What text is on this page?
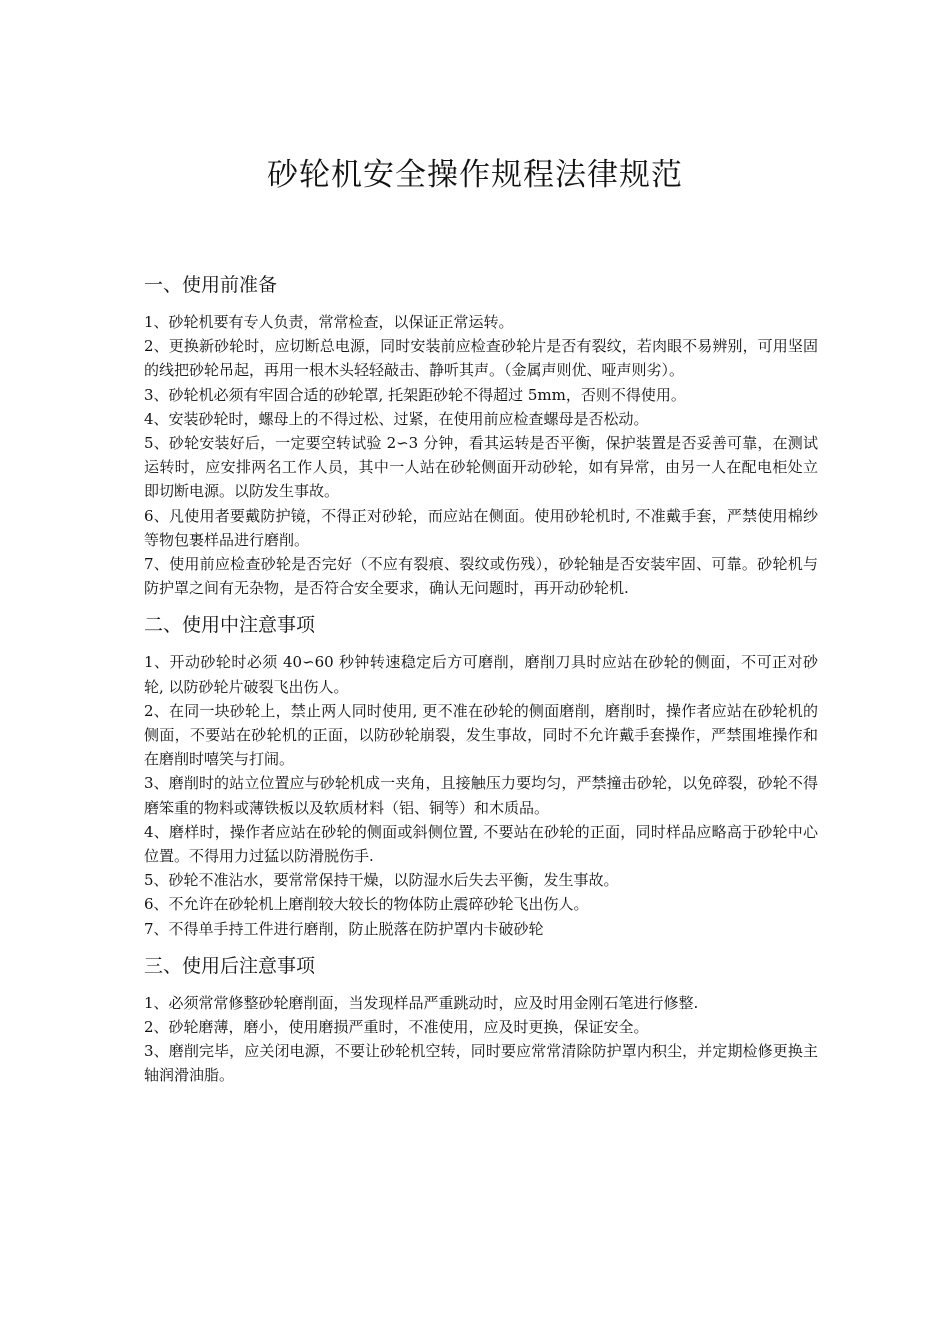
砂轮机安全操作规程法律规范
一、使用前准备

1、砂轮机要有专人负责，常常检查，以保证正常运转。

2、更换新砂轮时，应切断总电源，同时安装前应检查砂轮片是否有裂纹，若肉眼不易辨别，可用坚固的线把砂轮吊起，再用一根木头轻轻敲击、静听其声。（金属声则优、哑声则劣）。

3、砂轮机必须有牢固合适的砂轮罩, 托架距砂轮不得超过 5mm，否则不得使用。

4、安装砂轮时，螺母上的不得过松、过紧，在使用前应检查螺母是否松动。

5、砂轮安装好后，一定要空转试验 2∽3 分钟，看其运转是否平衡，保护装置是否妥善可靠，在测试运转时，应安排两名工作人员，其中一人站在砂轮侧面开动砂轮，如有异常，由另一人在配电柜处立即切断电源。以防发生事故。

6、凡使用者要戴防护镜，不得正对砂轮，而应站在侧面。使用砂轮机时, 不准戴手套，严禁使用棉纱等物包裹样品进行磨削。

7、使用前应检查砂轮是否完好（不应有裂痕、裂纹或伤残），砂轮轴是否安装牢固、可靠。砂轮机与防护罩之间有无杂物，是否符合安全要求，确认无问题时，再开动砂轮机.

二、使用中注意事项

1、开动砂轮时必须 40∽60 秒钟转速稳定后方可磨削，磨削刀具时应站在砂轮的侧面，不可正对砂轮, 以防砂轮片破裂飞出伤人。

2、在同一块砂轮上，禁止两人同时使用, 更不准在砂轮的侧面磨削，磨削时，操作者应站在砂轮机的侧面，不要站在砂轮机的正面，以防砂轮崩裂，发生事故，同时不允许戴手套操作，严禁围堆操作和在磨削时嘻笑与打闹。

3、磨削时的站立位置应与砂轮机成一夹角，且接触压力要均匀，严禁撞击砂轮，以免碎裂，砂轮不得磨笨重的物料或薄铁板以及软质材料（铝、铜等）和木质品。

4、磨样时，操作者应站在砂轮的侧面或斜侧位置, 不要站在砂轮的正面，同时样品应略高于砂轮中心位置。不得用力过猛以防滑脱伤手.

5、砂轮不准沾水，要常常保持干燥，以防湿水后失去平衡，发生事故。

6、不允许在砂轮机上磨削较大较长的物体防止震碎砂轮飞出伤人。

7、不得单手持工件进行磨削，防止脱落在防护罩内卡破砂轮

三、使用后注意事项

1、必须常常修整砂轮磨削面，当发现样品严重跳动时，应及时用金刚石笔进行修整.

2、砂轮磨薄，磨小，使用磨损严重时，不准使用，应及时更换，保证安全。

3、磨削完毕，应关闭电源，不要让砂轮机空转，同时要应常常清除防护罩内积尘，并定期检修更换主轴润滑油脂。
